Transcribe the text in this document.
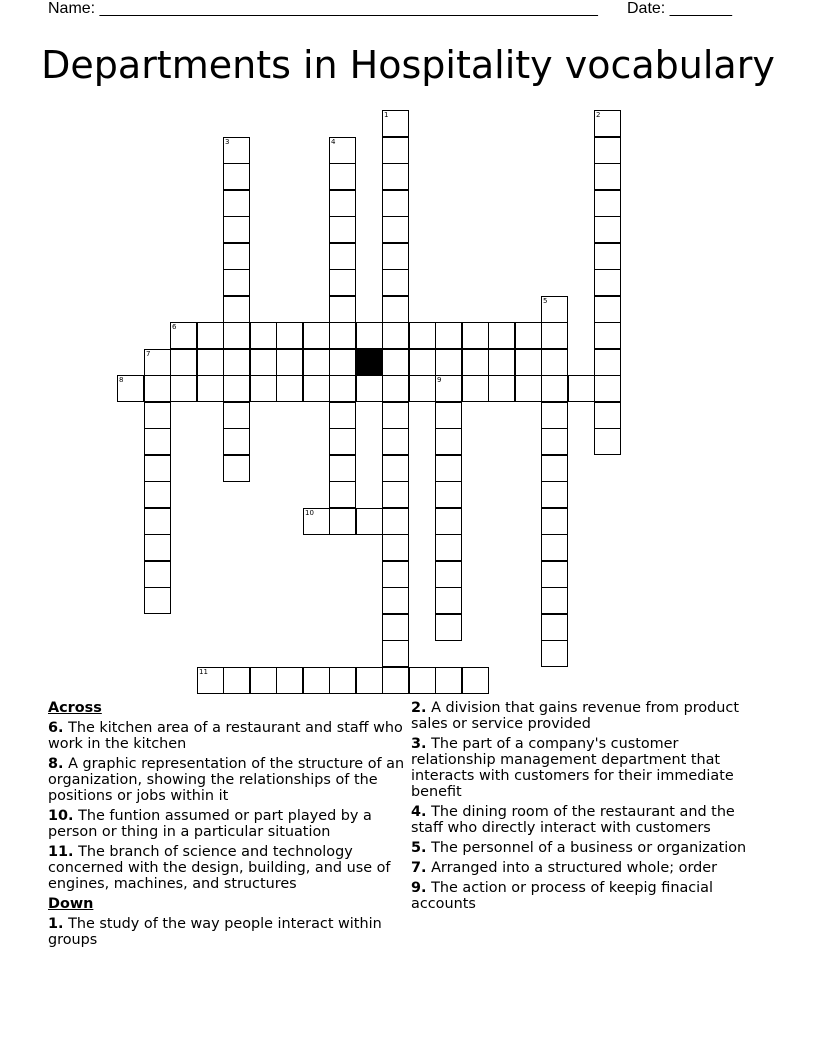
Name: ________________________________________________________ Date: _______
Departments in Hospitality vocabulary
6
7
8	9
10
11
1	2
3	4
5
Across
6. The kitchen area of a restaurant and staff who work in the kitchen
8. A graphic representation of the structure of an organization, showing the relationships of the positions or jobs within it
10. The funtion assumed or part played by a person or thing in a particular situation
11. The branch of science and technology concerned with the design, building, and use of engines, machines, and structures
Down
1. The study of the way people interact within groups
2. A division that gains revenue from product sales or service provided
3. The part of a company's customer relationship management department that interacts with customers for their immediate benefit
4. The dining room of the restaurant and the staff who directly interact with customers
5. The personnel of a business or organization
7. Arranged into a structured whole; order
9. The action or process of keepig finacial accounts
